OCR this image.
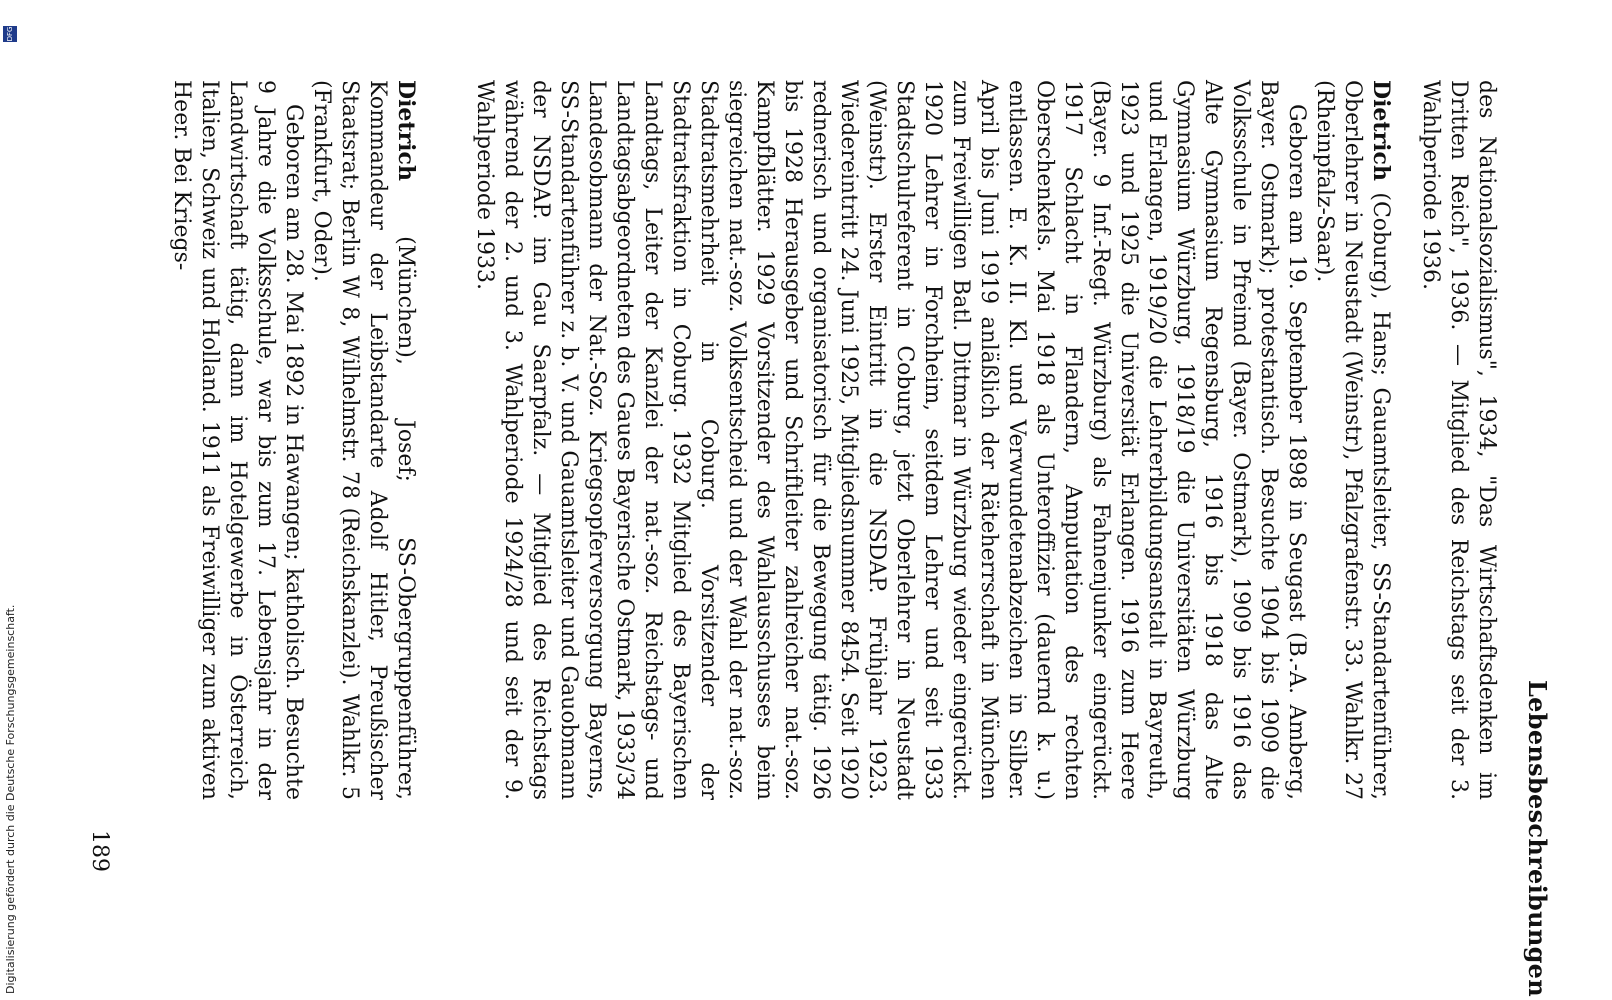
Lebensbeschreibungen

des Nationalsozialismus", 1934, "Das Wirtschaftsdenken im Dritten Reich", 1936. — Mitglied des Reichstags seit der 3. Wahlperiode 1936.

Dietrich (Coburg), Hans; Gauamtsleiter, SS-Standartenführer, Oberlehrer in Neustadt (Weinstr), Pfalzgrafenstr. 33. Wahlkr. 27 (Rheinpfalz-Saar).

Geboren am 19. September 1898 in Seugast (B.-A. Amberg, Bayer. Ostmark); protestantisch. Besuchte 1904 bis 1909 die Volksschule in Pfreimd (Bayer. Ostmark), 1909 bis 1916 das Alte Gymnasium Regensburg, 1916 bis 1918 das Alte Gymnasium Würzburg, 1918/19 die Universitäten Würzburg und Erlangen, 1919/20 die Lehrerbildungsanstalt in Bayreuth, 1923 und 1925 die Universität Erlangen. 1916 zum Heere (Bayer. 9 Inf.-Regt. Würzburg) als Fahnenjunker eingerückt. 1917 Schlacht in Flandern, Amputation des rechten Oberschenkels. Mai 1918 als Unteroffizier (dauernd k. u.) entlassen. E. K. II. Kl. und Verwundetenabzeichen in Silber. April bis Juni 1919 anläßlich der Räteherrschaft in München zum Freiwilligen Batl. Dittmar in Würzburg wieder eingerückt. 1920 Lehrer in Forchheim, seitdem Lehrer und seit 1933 Stadtschulreferent in Coburg, jetzt Oberlehrer in Neustadt (Weinstr). Erster Eintritt in die NSDAP. Frühjahr 1923. Wiedereintritt 24. Juni 1925, Mitgliedsnummer 8454. Seit 1920 rednerisch und organisatorisch für die Bewegung tätig. 1926 bis 1928 Herausgeber und Schriftleiter zahlreicher nat.-soz. Kampfblätter. 1929 Vorsitzender des Wahlausschusses beim siegreichen nat.-soz. Volksentscheid und der Wahl der nat.-soz. Stadtratsmehrheit in Coburg. Vorsitzender der Stadtratsfraktion in Coburg. 1932 Mitglied des Bayerischen Landtags, Leiter der Kanzlei der nat.-soz. Reichstags- und Landtagsabgeordneten des Gaues Bayerische Ostmark, 1933/34 Landesobmann der Nat.-Soz. Kriegsopferversorgung Bayerns, SS-Standartenführer z. b. V. und Gauamtsleiter und Gauobmann der NSDAP. im Gau Saarpfalz. — Mitglied des Reichstags während der 2. und 3. Wahlperiode 1924/28 und seit der 9. Wahlperiode 1933.

Dietrich (München), Josef; SS-Obergruppenführer, Kommandeur der Leibstandarte Adolf Hitler, Preußischer Staatsrat; Berlin W 8, Wilhelmstr. 78 (Reichskanzlei). Wahlkr. 5 (Frankfurt, Oder).

Geboren am 28. Mai 1892 in Hawangen; katholisch. Besuchte 9 Jahre die Volksschule, war bis zum 17. Lebensjahr in der Landwirtschaft tätig, dann im Hotelgewerbe in Österreich, Italien, Schweiz und Holland. 1911 als Freiwilliger zum aktiven Heer. Bei Kriegs-

189
Digitalisierung gefördert durch die Deutsche Forschungsgemeinschaft.
DFG
